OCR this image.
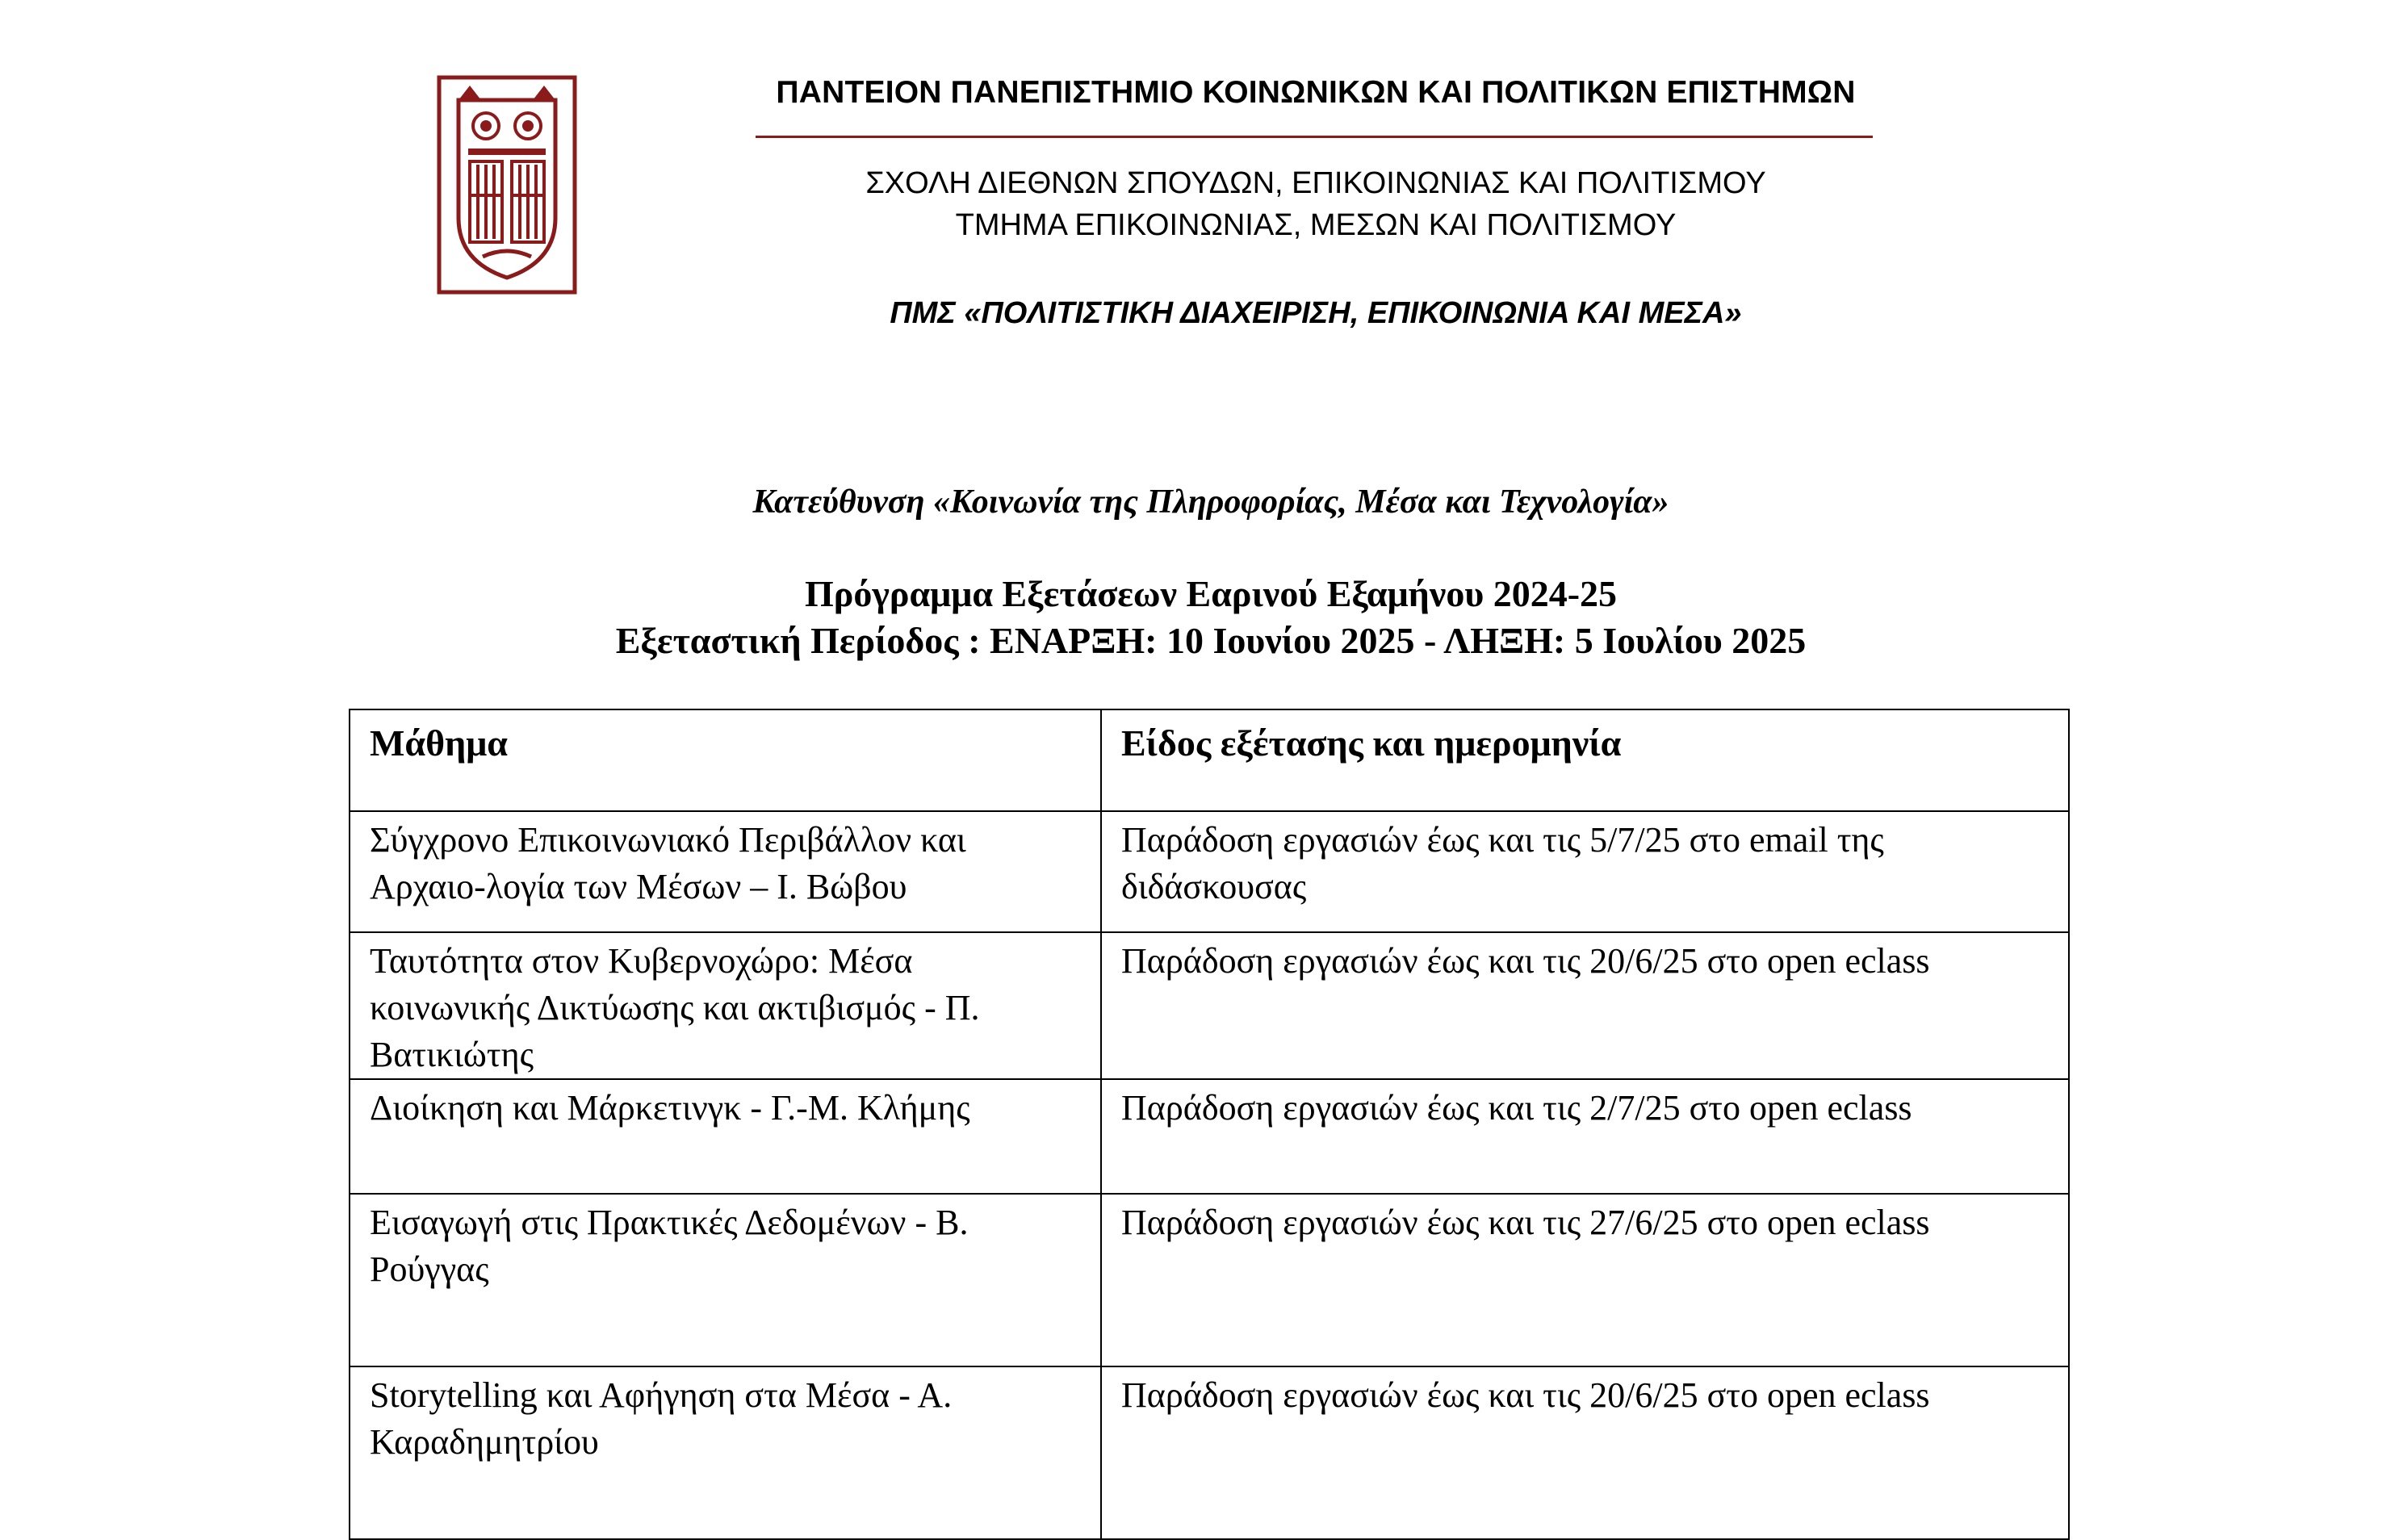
ΠΑΝΤΕΙΟΝ ΠΑΝΕΠΙΣΤΗΜΙΟ ΚΟΙΝΩΝΙΚΩΝ ΚΑΙ ΠΟΛΙΤΙΚΩΝ ΕΠΙΣΤΗΜΩΝ
ΣΧΟΛΗ ΔΙΕΘΝΩΝ ΣΠΟΥΔΩΝ, ΕΠΙΚΟΙΝΩΝΙΑΣ ΚΑΙ ΠΟΛΙΤΙΣΜΟΥ
ΤΜΗΜΑ ΕΠΙΚΟΙΝΩΝΙΑΣ, ΜΕΣΩΝ ΚΑΙ ΠΟΛΙΤΙΣΜΟΥ
ΠΜΣ «ΠΟΛΙΤΙΣΤΙΚΗ ΔΙΑΧΕΙΡΙΣΗ, ΕΠΙΚΟΙΝΩΝΙΑ ΚΑΙ ΜΕΣΑ»
Κατεύθυνση «Κοινωνία της Πληροφορίας, Μέσα και Τεχνολογία»
Πρόγραμμα Εξετάσεων Εαρινού Εξαμήνου 2024-25
Εξεταστική Περίοδος : ΕΝΑΡΞΗ: 10 Ιουνίου 2025 - ΛΗΞΗ: 5 Ιουλίου 2025
Μάθημα	Είδος εξέτασης και ημερομηνία
Σύγχρονο Επικοινωνιακό Περιβάλλον και Αρχαιο-λογία των Μέσων – Ι. Βώβου	Παράδοση εργασιών έως και τις 5/7/25 στο email της διδάσκουσας
Ταυτότητα στον Κυβερνοχώρο: Μέσα κοινωνικής Δικτύωσης και ακτιβισμός - Π. Βατικιώτης	Παράδοση εργασιών έως και τις 20/6/25 στο open eclass
Διοίκηση και Μάρκετινγκ - Γ.-Μ. Κλήμης	Παράδοση εργασιών έως και τις 2/7/25 στο open eclass
Εισαγωγή στις Πρακτικές Δεδομένων - Β. Ρούγγας	Παράδοση εργασιών έως και τις 27/6/25 στο open eclass
Storytelling και Αφήγηση στα Μέσα - Α. Καραδημητρίου	Παράδοση εργασιών έως και τις 20/6/25 στο open eclass
